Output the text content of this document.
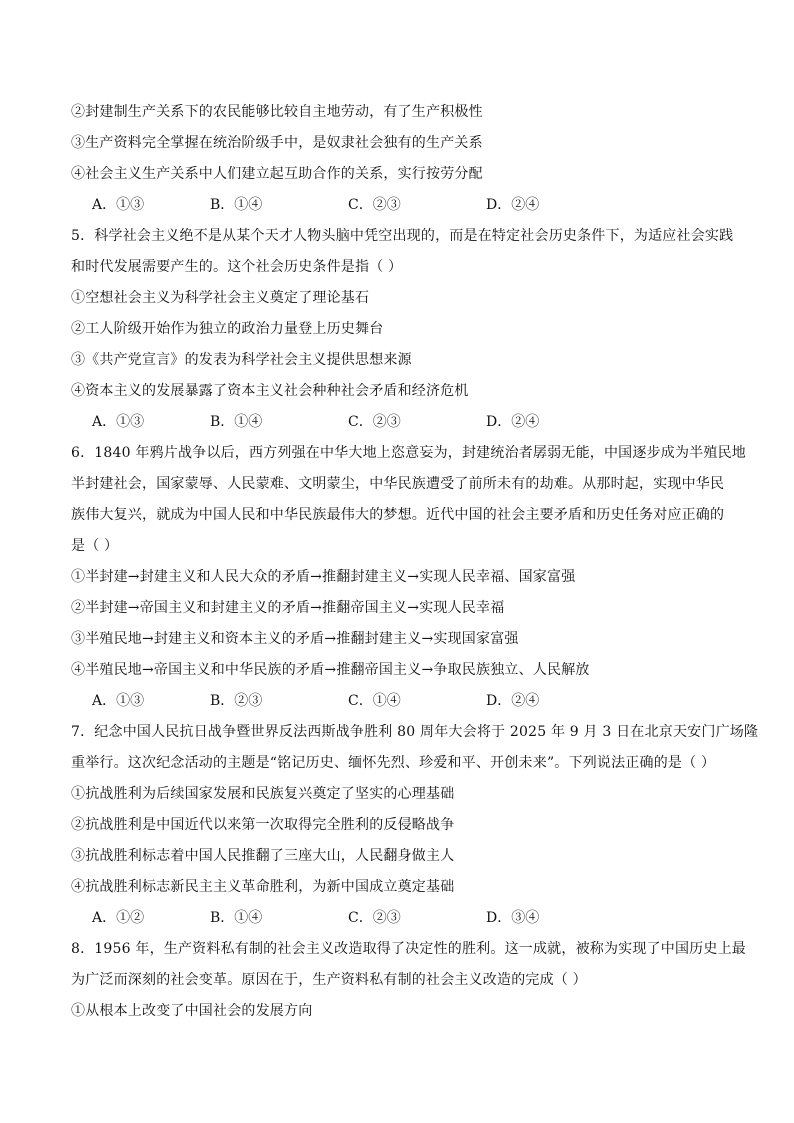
②封建制生产关系下的农民能够比较自主地劳动，有了生产积极性
③生产资料完全掌握在统治阶级手中，是奴隶社会独有的生产关系
④社会主义生产关系中人们建立起互助合作的关系，实行按劳分配
A．①③	B．①④	C．②③	D．②④
5．科学社会主义绝不是从某个天才人物头脑中凭空出现的，而是在特定社会历史条件下，为适应社会实践
和时代发展需要产生的。这个社会历史条件是指（ ）
①空想社会主义为科学社会主义奠定了理论基石
②工人阶级开始作为独立的政治力量登上历史舞台
③《共产党宣言》的发表为科学社会主义提供思想来源
④资本主义的发展暴露了资本主义社会种种社会矛盾和经济危机
A．①③	B．①④	C．②③	D．②④
6．1840 年鸦片战争以后，西方列强在中华大地上恣意妄为，封建统治者孱弱无能，中国逐步成为半殖民地
半封建社会，国家蒙辱、人民蒙难、文明蒙尘，中华民族遭受了前所未有的劫难。从那时起，实现中华民
族伟大复兴，就成为中国人民和中华民族最伟大的梦想。近代中国的社会主要矛盾和历史任务对应正确的
是（ ）
①半封建→封建主义和人民大众的矛盾→推翻封建主义→实现人民幸福、国家富强
②半封建→帝国主义和封建主义的矛盾→推翻帝国主义→实现人民幸福
③半殖民地→封建主义和资本主义的矛盾→推翻封建主义→实现国家富强
④半殖民地→帝国主义和中华民族的矛盾→推翻帝国主义→争取民族独立、人民解放
A．①③	B．②③	C．①④	D．②④
7．纪念中国人民抗日战争暨世界反法西斯战争胜利 80 周年大会将于 2025 年 9 月 3 日在北京天安门广场隆
重举行。这次纪念活动的主题是“铭记历史、缅怀先烈、珍爱和平、开创未来”。下列说法正确的是（ ）
①抗战胜利为后续国家发展和民族复兴奠定了坚实的心理基础
②抗战胜利是中国近代以来第一次取得完全胜利的反侵略战争
③抗战胜利标志着中国人民推翻了三座大山，人民翻身做主人
④抗战胜利标志新民主主义革命胜利，为新中国成立奠定基础
A．①②	B．①④	C．②③	D．③④
8．1956 年，生产资料私有制的社会主义改造取得了决定性的胜利。这一成就，被称为实现了中国历史上最
为广泛而深刻的社会变革。原因在于，生产资料私有制的社会主义改造的完成（ ）
①从根本上改变了中国社会的发展方向
